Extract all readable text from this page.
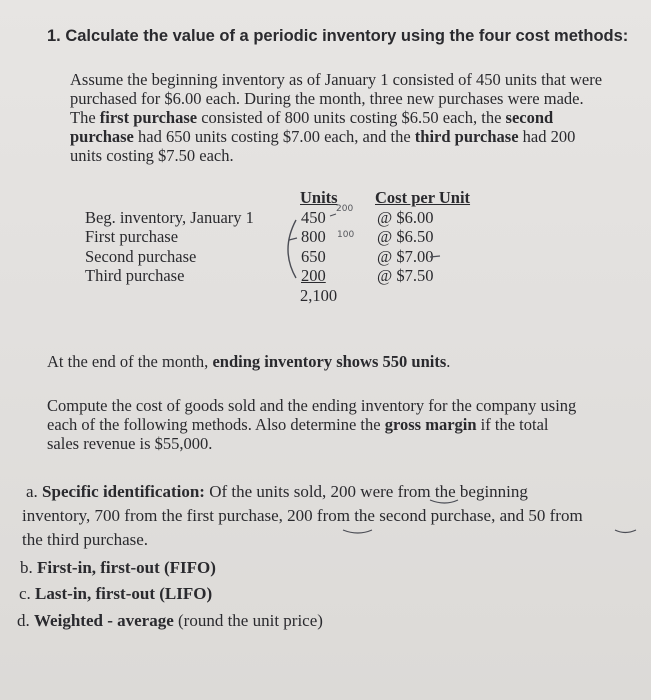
1. Calculate the value of a periodic inventory using the four cost methods:
Assume the beginning inventory as of January 1 consisted of 450 units that were
purchased for $6.00 each. During the month, three new purchases were made.
The first purchase consisted of 800 units costing $6.50 each, the second
purchase had 650 units costing $7.00 each, and the third purchase had 200
units costing $7.50 each.
Units Cost per Unit
Beg. inventory, January 1
First purchase
Second purchase
Third purchase
450
800
650
200
2,100
@ $6.00
@ $6.50
@ $7.00
@ $7.50
200
100
At the end of the month, ending inventory shows 550 units.
Compute the cost of goods sold and the ending inventory for the company using
each of the following methods. Also determine the gross margin if the total
sales revenue is $55,000.
a. Specific identification: Of the units sold, 200 were from the beginning
inventory, 700 from the first purchase, 200 from the second purchase, and 50 from
the third purchase.
b. First-in, first-out (FIFO)
c. Last-in, first-out (LIFO)
d. Weighted - average (round the unit price)
